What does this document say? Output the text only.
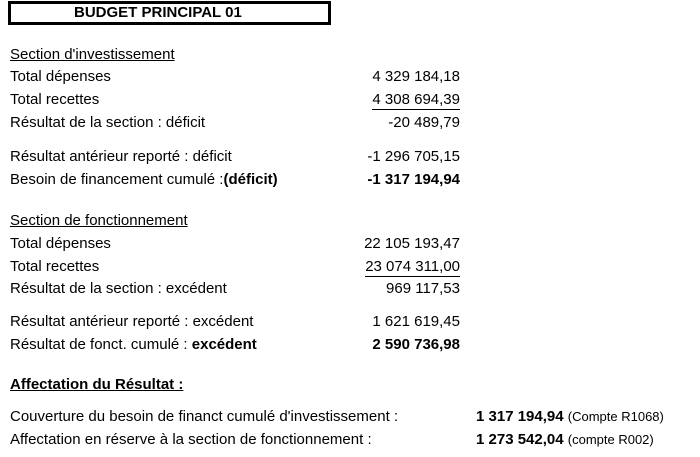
BUDGET PRINCIPAL 01
Section d'investissement
Total dépenses	4 329 184,18
Total recettes	4 308 694,39
Résultat de la section : déficit	-20 489,79
Résultat antérieur reporté : déficit	-1 296 705,15
Besoin de financement cumulé :(déficit)	-1 317 194,94
Section de fonctionnement
Total dépenses	22 105 193,47
Total recettes	23 074 311,00
Résultat de la section : excédent	969 117,53
Résultat antérieur reporté : excédent	1 621 619,45
Résultat de fonct. cumulé : excédent	2 590 736,98
Affectation du Résultat :
Couverture du besoin de financt cumulé d'investissement :	1 317 194,94 (Compte R1068)
Affectation en réserve à la section de fonctionnement :	1 273 542,04 (compte R002)
